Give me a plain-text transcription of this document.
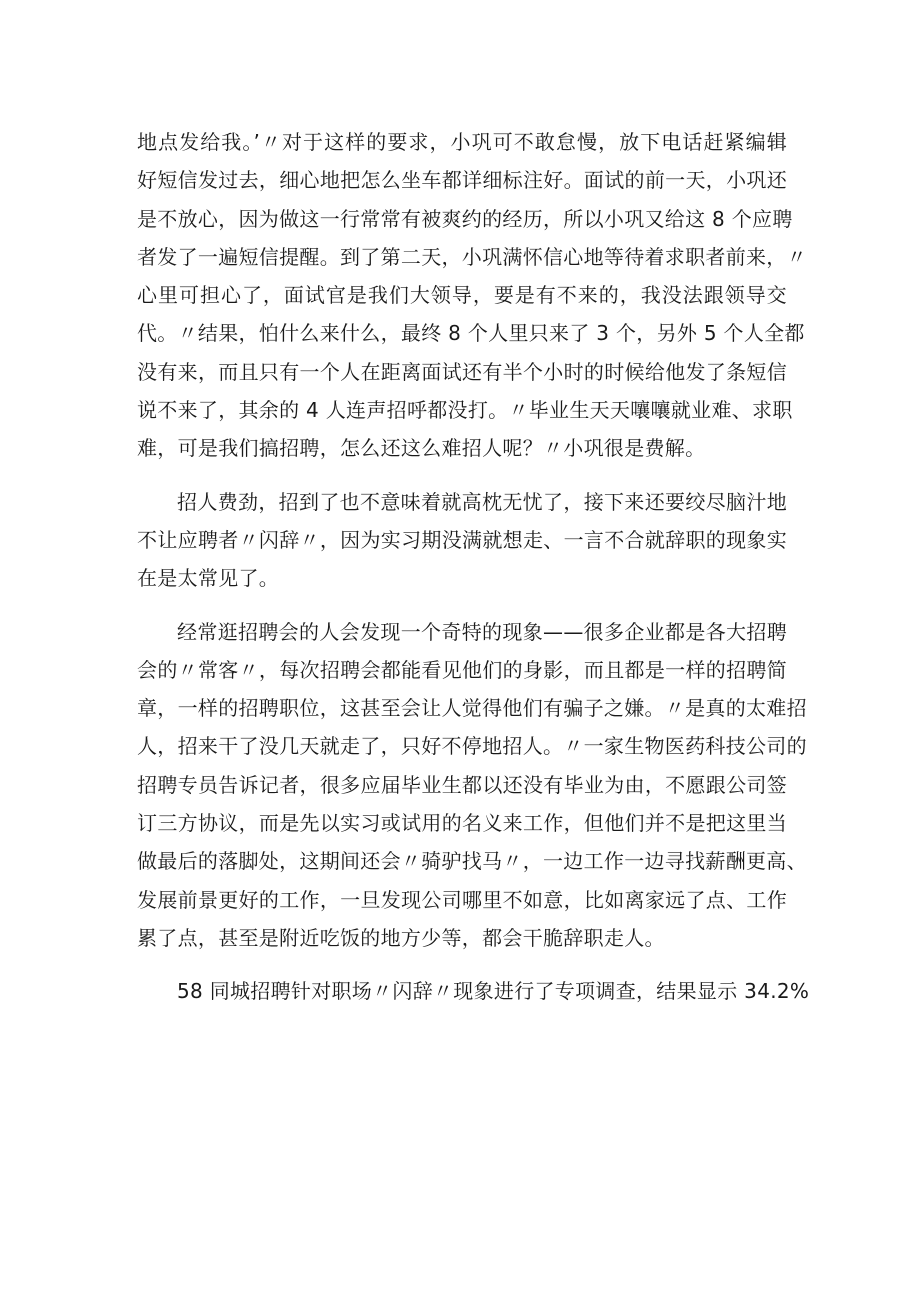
地点发给我。’〃对于这样的要求，小巩可不敢怠慢，放下电话赶紧编辑
好短信发过去，细心地把怎么坐车都详细标注好。面试的前一天，小巩还
是不放心，因为做这一行常常有被爽约的经历，所以小巩又给这 8 个应聘
者发了一遍短信提醒。到了第二天，小巩满怀信心地等待着求职者前来，〃
心里可担心了，面试官是我们大领导，要是有不来的，我没法跟领导交
代。〃结果，怕什么来什么，最终 8 个人里只来了 3 个，另外 5 个人全都
没有来，而且只有一个人在距离面试还有半个小时的时候给他发了条短信
说不来了，其余的 4 人连声招呼都没打。〃毕业生天天嚷嚷就业难、求职
难，可是我们搞招聘，怎么还这么难招人呢？〃小巩很是费解。

招人费劲，招到了也不意味着就高枕无忧了，接下来还要绞尽脑汁地
不让应聘者〃闪辞〃，因为实习期没满就想走、一言不合就辞职的现象实
在是太常见了。

经常逛招聘会的人会发现一个奇特的现象——很多企业都是各大招聘
会的〃常客〃，每次招聘会都能看见他们的身影，而且都是一样的招聘简
章，一样的招聘职位，这甚至会让人觉得他们有骗子之嫌。〃是真的太难招
人，招来干了没几天就走了，只好不停地招人。〃一家生物医药科技公司的
招聘专员告诉记者，很多应届毕业生都以还没有毕业为由，不愿跟公司签
订三方协议，而是先以实习或试用的名义来工作，但他们并不是把这里当
做最后的落脚处，这期间还会〃骑驴找马〃，一边工作一边寻找薪酬更高、
发展前景更好的工作，一旦发现公司哪里不如意，比如离家远了点、工作
累了点，甚至是附近吃饭的地方少等，都会干脆辞职走人。

58 同城招聘针对职场〃闪辞〃现象进行了专项调查，结果显示 34.2%
